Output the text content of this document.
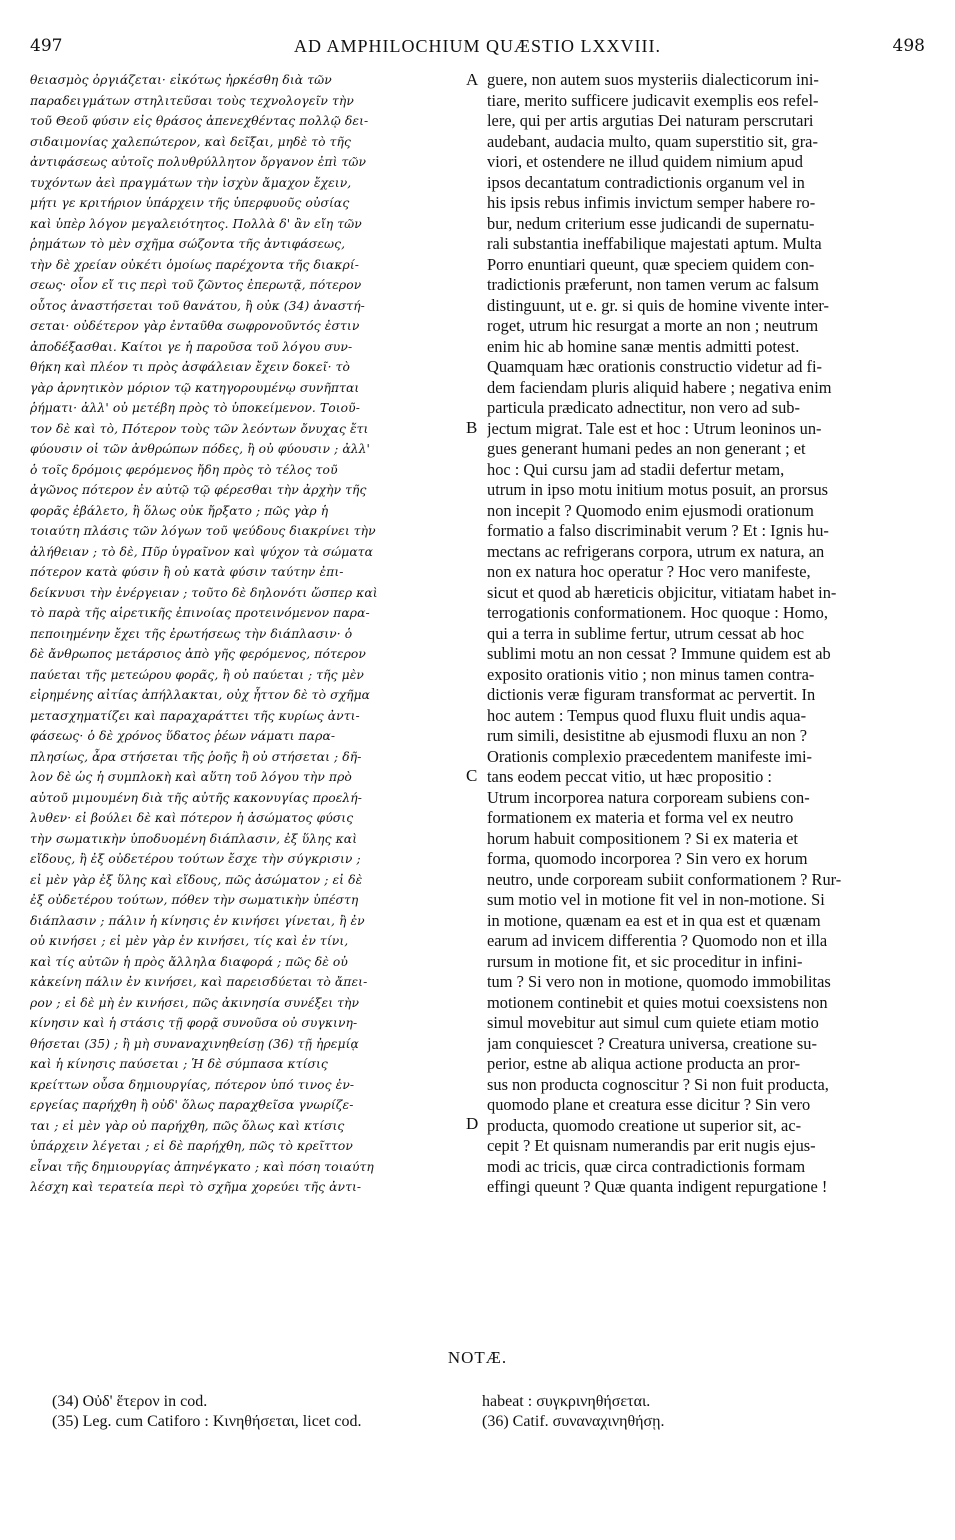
497	AD AMPHILOCHIUM QUÆSTIO LXXVIII.	498
θειασμὸς ὀργιάζεται· εἰκότως ἠρκέσθη διὰ τῶν
παραδειγμάτων στηλιτεῦσαι τοὺς τεχνολογεῖν τὴν
τοῦ Θεοῦ φύσιν εἰς θράσος ἀπενεχθέντας πολλῷ δει-
σιδαιμονίας χαλεπώτερον, καὶ δεῖξαι, μηδὲ τὸ τῆς
ἀντιφάσεως αὐτοῖς πολυθρύλλητον ὄργανον ἐπὶ τῶν
τυχόντων ἀεὶ πραγμάτων τὴν ἰσχὺν ἄμαχον ἔχειν,
μήτι γε κριτήριον ὑπάρχειν τῆς ὑπερφυοῦς οὐσίας
καὶ ὑπὲρ λόγον μεγαλειότητος. Πολλὰ δ' ἂν εἴη τῶν
ῥημάτων τὸ μὲν σχῆμα σώζοντα τῆς ἀντιφάσεως,
τὴν δὲ χρείαν οὐκέτι ὁμοίως παρέχοντα τῆς διακρί-
σεως· οἷον εἴ τις περὶ τοῦ ζῶντος ἐπερωτᾷ, πότερον
οὗτος ἀναστήσεται τοῦ θανάτου, ἢ οὐκ (34) ἀναστή-
σεται· οὐδέτερον γὰρ ἐνταῦθα σωφρονοῦντός ἐστιν
ἀποδέξασθαι. Καίτοι γε ἡ παροῦσα τοῦ λόγου συν-
θήκη καὶ πλέον τι πρὸς ἀσφάλειαν ἔχειν δοκεῖ· τὸ
γὰρ ἀρνητικὸν μόριον τῷ κατηγορουμένῳ συνῆπται
ῥήματι· ἀλλ' οὐ μετέβη πρὸς τὸ ὑποκείμενον. Τοιοῦ-
τον δὲ καὶ τὸ, Πότερον τοὺς τῶν λεόντων ὄνυχας ἔτι
φύουσιν οἱ τῶν ἀνθρώπων πόδες, ἢ οὐ φύουσιν ; ἀλλ'
ὁ τοῖς δρόμοις φερόμενος ἤδη πρὸς τὸ τέλος τοῦ
ἀγῶνος πότερον ἐν αὐτῷ τῷ φέρεσθαι τὴν ἀρχὴν τῆς
φορᾶς ἐβάλετο, ἢ ὅλως οὐκ ἤρξατο ; πῶς γὰρ ἡ
τοιαύτη πλάσις τῶν λόγων τοῦ ψεύδους διακρίνει τὴν
ἀλήθειαν ; τὸ δὲ, Πῦρ ὑγραῖνον καὶ ψύχον τὰ σώματα
πότερον κατὰ φύσιν ἢ οὐ κατὰ φύσιν ταύτην ἐπι-
δείκνυσι τὴν ἐνέργειαν ; τοῦτο δὲ δηλονότι ὥσπερ καὶ
τὸ παρὰ τῆς αἱρετικῆς ἐπινοίας προτεινόμενον παρα-
πεποιημένην ἔχει τῆς ἐρωτήσεως τὴν διάπλασιν· ὁ
δὲ ἄνθρωπος μετάρσιος ἀπὸ γῆς φερόμενος, πότερον
παύεται τῆς μετεώρου φορᾶς, ἢ οὐ παύεται ; τῆς μὲν
εἰρημένης αἰτίας ἀπήλλακται, οὐχ ἧττον δὲ τὸ σχῆμα
μετασχηματίζει καὶ παραχαράττει τῆς κυρίως ἀντι-
φάσεως· ὁ δὲ χρόνος ὕδατος ῥέων νάματι παρα-
πλησίως, ἆρα στήσεται τῆς ῥοῆς ἢ οὐ στήσεται ; δῆ-
λον δὲ ὡς ἡ συμπλοκὴ καὶ αὕτη τοῦ λόγου τὴν πρὸ
αὐτοῦ μιμουμένη διὰ τῆς αὐτῆς κακονυγίας προελή-
λυθεν· εἰ βούλει δὲ καὶ πότερον ἡ ἀσώματος φύσις
τὴν σωματικὴν ὑποδυομένη διάπλασιν, ἐξ ὕλης καὶ
εἴδους, ἢ ἐξ οὐδετέρου τούτων ἔσχε τὴν σύγκρισιν ;
εἰ μὲν γὰρ ἐξ ὕλης καὶ εἴδους, πῶς ἀσώματον ; εἰ δὲ
ἐξ οὐδετέρου τούτων, πόθεν τὴν σωματικὴν ὑπέστη
διάπλασιν ; πάλιν ἡ κίνησις ἐν κινήσει γίνεται, ἢ ἐν
οὐ κινήσει ; εἰ μὲν γὰρ ἐν κινήσει, τίς καὶ ἐν τίνι,
καὶ τίς αὐτῶν ἡ πρὸς ἄλληλα διαφορά ; πῶς δὲ οὐ
κἀκείνη πάλιν ἐν κινήσει, καὶ παρεισδύεται τὸ ἄπει-
ρον ; εἰ δὲ μὴ ἐν κινήσει, πῶς ἀκινησία συνέξει τὴν
κίνησιν καὶ ἡ στάσις τῇ φορᾷ συνοῦσα οὐ συγκινη-
θήσεται (35) ; ἢ μὴ συναναχινηθείσῃ (36) τῇ ἠρεμίᾳ
καὶ ἡ κίνησις παύσεται ; Ἡ δὲ σύμπασα κτίσις
κρείττων οὖσα δημιουργίας, πότερον ὑπό τινος ἐν-
εργείας παρήχθη ἢ οὐδ' ὅλως παραχθεῖσα γνωρίζε-
ται ; εἰ μὲν γὰρ οὐ παρήχθη, πῶς ὅλως καὶ κτίσις
ὑπάρχειν λέγεται ; εἰ δὲ παρήχθη, πῶς τὸ κρεῖττον
εἶναι τῆς δημιουργίας ἀπηνέγκατο ; καὶ πόση τοιαύτη
λέσχη καὶ τερατεία περὶ τὸ σχῆμα χορεύει τῆς ἀντι-
guere, non autem suos mysteriis dialecticorum ini-
tiare, merito sufficere judicavit exemplis eos refel-
lere, qui per artis argutias Dei naturam perscrutari
audebant, audacia multo, quam superstitio sit, gra-
viori, et ostendere ne illud quidem nimium apud
ipsos decantatum contradictionis organum vel in
his ipsis rebus infimis invictum semper habere ro-
bur, nedum criterium esse judicandi de supernatu-
rali substantia ineffabilique majestati aptum. Multa
Porro enuntiari queunt, quæ speciem quidem con-
tradictionis præferunt, non tamen verum ac falsum
distinguunt, ut e. gr. si quis de homine vivente inter-
roget, utrum hic resurgat a morte an non ; neutrum
enim hic ab homine sanæ mentis admitti potest.
Quamquam hæc orationis constructio videtur ad fi-
dem faciendam pluris aliquid habere ; negativa enim
particula prædicato adnectitur, non vero ad sub-
jectum migrat. Tale est et hoc : Utrum leoninos un-
gues generant humani pedes an non generant ; et
hoc : Qui cursu jam ad stadii defertur metam,
utrum in ipso motu initium motus posuit, an prorsus
non incepit ? Quomodo enim ejusmodi orationum
formatio a falso discriminabit verum ? Et : Ignis hu-
mectans ac refrigerans corpora, utrum ex natura, an
non ex natura hoc operatur ? Hoc vero manifeste,
sicut et quod ab hæreticis objicitur, vitiatam habet in-
terrogationis conformationem. Hoc quoque : Homo,
qui a terra in sublime fertur, utrum cessat ab hoc
sublimi motu an non cessat ? Immune quidem est ab
exposito orationis vitio ; non minus tamen contra-
dictionis veræ figuram transformat ac pervertit. In
hoc autem : Tempus quod fluxu fluit undis aqua-
rum simili, desistitne ab ejusmodi fluxu an non ?
Orationis complexio præcedentem manifeste imi-
tans eodem peccat vitio, ut hæc propositio :
Utrum incorporea natura corpoream subiens con-
formationem ex materia et forma vel ex neutro
horum habuit compositionem ? Si ex materia et
forma, quomodo incorporea ? Sin vero ex horum
neutro, unde corpoream subiit conformationem ? Rur-
sum motio vel in motione fit vel in non-motione. Si
in motione, quænam ea est et in qua est et quænam
earum ad invicem differentia ? Quomodo non et illa
rursum in motione fit, et sic proceditur in infini-
tum ? Si vero non in motione, quomodo immobilitas
motionem continebit et quies motui coexsistens non
simul movebitur aut simul cum quiete etiam motio
jam conquiescet ? Creatura universa, creatione su-
perior, estne ab aliqua actione producta an pror-
sus non producta cognoscitur ? Si non fuit producta,
quomodo plane et creatura esse dicitur ? Sin vero
producta, quomodo creatione ut superior sit, ac-
cepit ? Et quisnam numerandis par erit nugis ejus-
modi ac tricis, quæ circa contradictionis formam
effingi queunt ? Quæ quanta indigent repurgatione !
A
B
C
D
NOTÆ.
(34) Οὐδ' ἕτερον in cod.
(35) Leg. cum Catiforo : Κινηθήσεται, licet cod.
habeat : συγκρινηθήσεται.
(36) Catif. συναναχινηθήσῃ.
